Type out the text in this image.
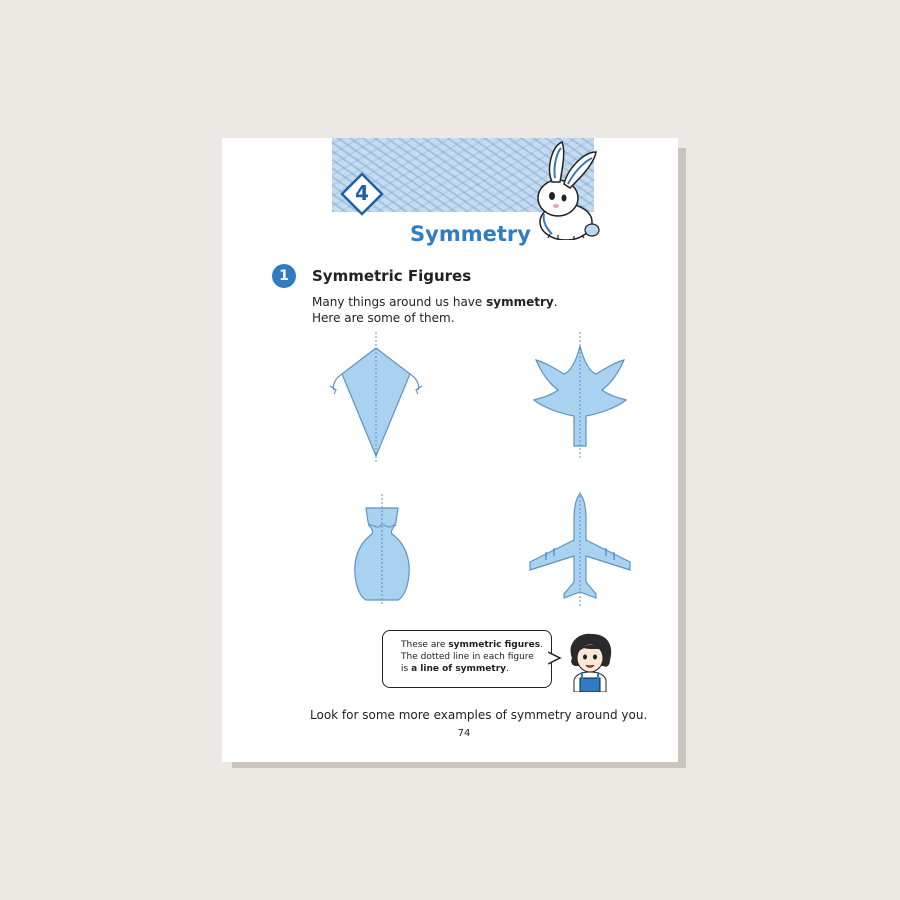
4
Symmetry
1	Symmetric Figures
Many things around us have symmetry.
Here are some of them.
These are symmetric figures.
The dotted line in each figure
is a line of symmetry.
Look for some more examples of symmetry around you.
74
